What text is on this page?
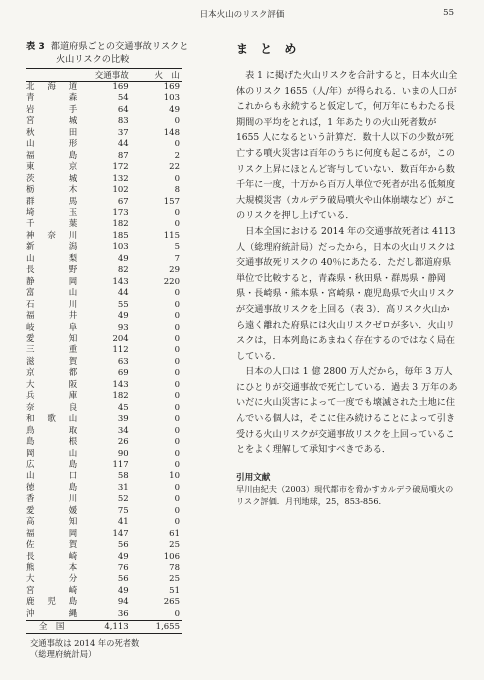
日本火山のリスク評価	55
表 3 都道府県ごとの交通事故リスクと
火山リスクの比較
	交通事故	火　山
北 海 道	169	169
青　　森	54	103
岩　　手	64	49
宮　　城	83	0
秋　　田	37	148
山　　形	44	0
福　　島	87	2
東　　京	172	22
茨　　城	132	0
栃　　木	102	8
群　　馬	67	157
埼　　玉	173	0
千　　葉	182	0
神 奈 川	185	115
新　　潟	103	5
山　　梨	49	7
長　　野	82	29
静　　岡	143	220
富　　山	44	0
石　　川	55	0
福　　井	49	0
岐　　阜	93	0
愛　　知	204	0
三　　重	112	0
滋　　賀	63	0
京　　都	69	0
大　　阪	143	0
兵　　庫	182	0
奈　　良	45	0
和 歌 山	39	0
鳥　　取	34	0
島　　根	26	0
岡　　山	90	0
広　　島	117	0
山　　口	58	10
徳　　島	31	0
香　　川	52	0
愛　　媛	75	0
高　　知	41	0
福　　岡	147	61
佐　　賀	56	25
長　　崎	49	106
熊　　本	76	78
大　　分	56	25
宮　　崎	49	51
鹿 児 島	94	265
沖　　縄	36	0
全　国	4,113	1,655
交通事故は 2014 年の死者数
（総理府統計局）
ま と め

　表 1 に掲げた火山リスクを合計すると，日本火山全体のリスク 1655（人/年）が得られる．いまの人口がこれからも永続すると仮定して，何万年にもわたる長期間の平均をとれば，1 年あたりの火山死者数が 1655 人になるという計算だ．数十人以下の少数が死亡する噴火災害は百年のうちに何度も起こるが，このリスク上昇にほとんど寄与していない．数百年から数千年に一度，十万から百万人単位で死者が出る低頻度大規模災害（カルデラ破局噴火や山体崩壊など）がこのリスクを押し上げている．

　日本全国における 2014 年の交通事故死者は 4113 人（総理府統計局）だったから，日本の火山リスクは交通事故死リスクの 40％にあたる．ただし都道府県単位で比較すると，青森県・秋田県・群馬県・静岡県・長崎県・熊本県・宮崎県・鹿児島県で火山リスクが交通事故リスクを上回る（表 3）．高リスク火山から遠く離れた府県には火山リスクゼロが多い．火山リスクは，日本列島にあまねく存在するのではなく局在している．

　日本の人口は 1 億 2800 万人だから，毎年 3 万人にひとりが交通事故で死亡している．過去 3 万年のあいだに火山災害によって一度でも壊滅された土地に住んでいる個人は，そこに住み続けることによって引き受ける火山リスクが交通事故リスクを上回っていることをよく理解して承知すべきである．

引用文献
早川由紀夫（2003）現代都市を脅かすカルデラ破局噴火のリスク評価．月刊地球，25，853-856.
